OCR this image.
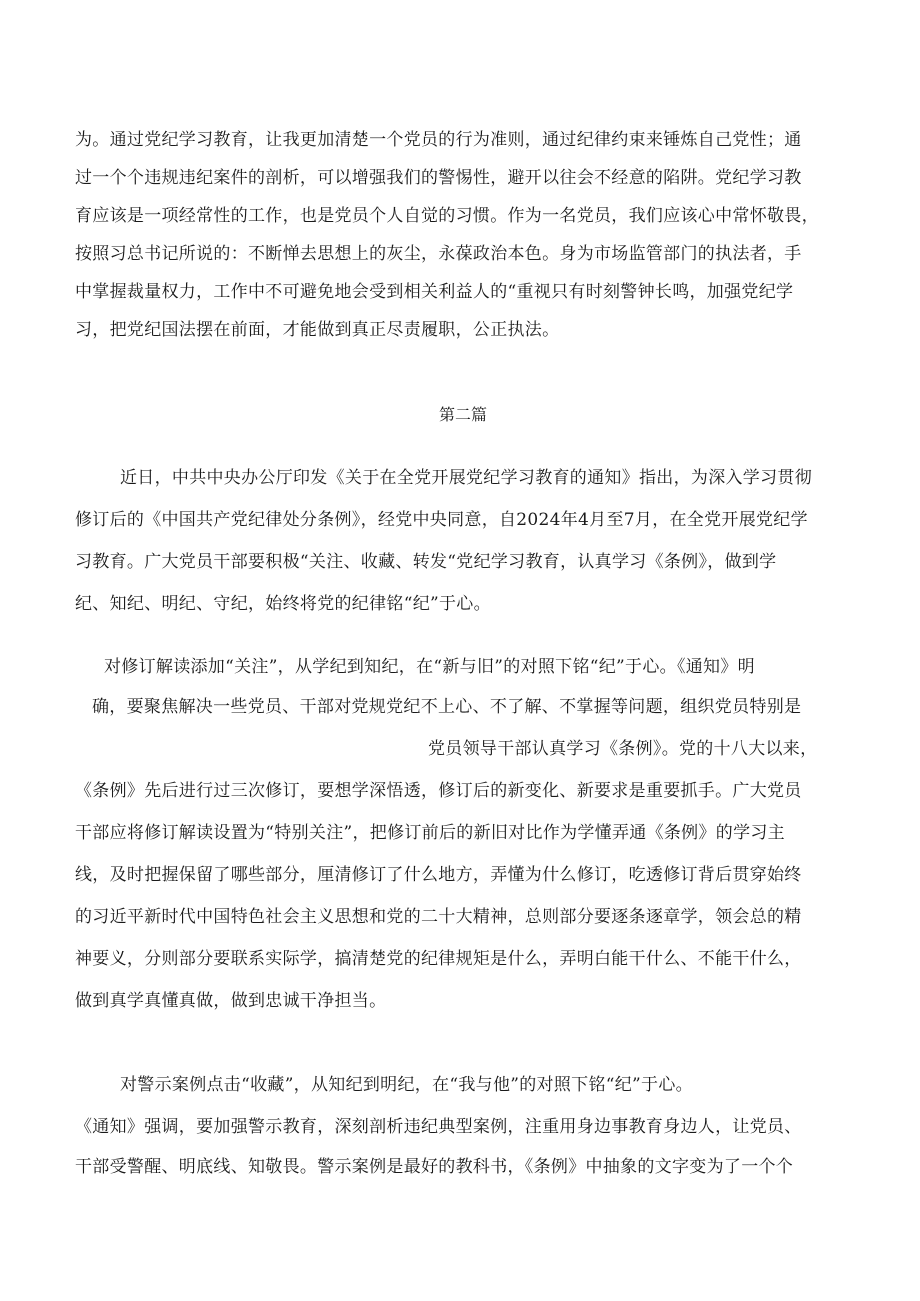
为。通过党纪学习教育，让我更加清楚一个党员的行为准则，通过纪律约束来锤炼自己党性；通
过一个个违规违纪案件的剖析，可以增强我们的警惕性，避开以往会不经意的陷阱。党纪学习教
育应该是一项经常性的工作，也是党员个人自觉的习惯。作为一名党员，我们应该心中常怀敬畏，
按照习总书记所说的：不断惮去思想上的灰尘，永葆政治本色。身为市场监管部门的执法者，手
中掌握裁量权力，工作中不可避免地会受到相关利益人的“重视只有时刻警钟长鸣，加强党纪学
习，把党纪国法摆在前面，才能做到真正尽责履职，公正执法。
第二篇
近日，中共中央办公厅印发《关于在全党开展党纪学习教育的通知》指出，为深入学习贯彻
修订后的《中国共产党纪律处分条例》，经党中央同意，自2024年4月至7月，在全党开展党纪学
习教育。广大党员干部要积极“关注、收藏、转发“党纪学习教育，认真学习《条例》，做到学
纪、知纪、明纪、守纪，始终将党的纪律铭“纪”于心。
对修订解读添加“关注”，从学纪到知纪，在“新与旧”的对照下铭“纪”于心。《通知》明
确，要聚焦解决一些党员、干部对党规党纪不上心、不了解、不掌握等问题，组织党员特别是
党员领导干部认真学习《条例》。党的十八大以来，
《条例》先后进行过三次修订，要想学深悟透，修订后的新变化、新要求是重要抓手。广大党员
干部应将修订解读设置为“特别关注”，把修订前后的新旧对比作为学懂弄通《条例》的学习主
线，及时把握保留了哪些部分，厘清修订了什么地方，弄懂为什么修订，吃透修订背后贯穿始终
的习近平新时代中国特色社会主义思想和党的二十大精神，总则部分要逐条逐章学，领会总的精
神要义，分则部分要联系实际学，搞清楚党的纪律规矩是什么，弄明白能干什么、不能干什么，
做到真学真懂真做，做到忠诚干净担当。
对警示案例点击“收藏”，从知纪到明纪，在“我与他”的对照下铭“纪”于心。
《通知》强调，要加强警示教育，深刻剖析违纪典型案例，注重用身边事教育身边人，让党员、
干部受警醒、明底线、知敬畏。警示案例是最好的教科书，《条例》中抽象的文字变为了一个个
